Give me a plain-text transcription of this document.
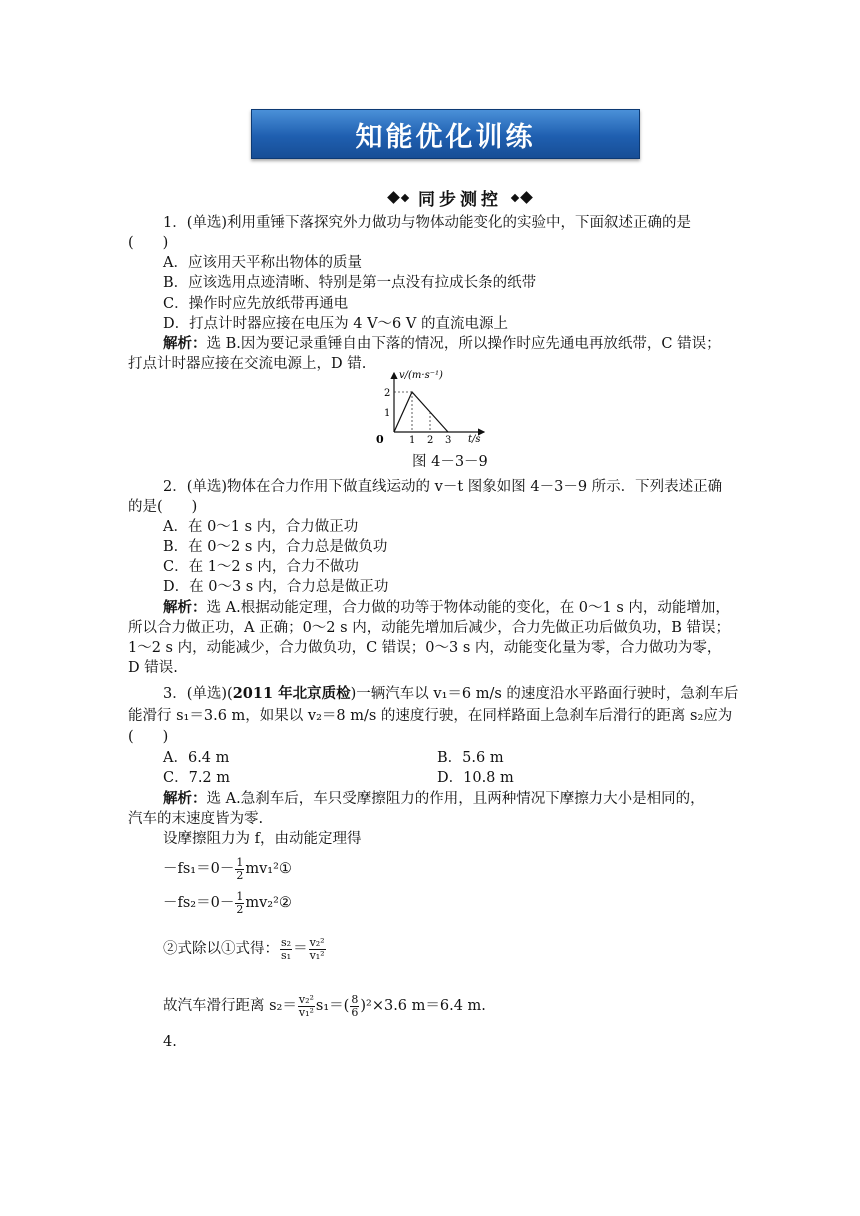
知能优化训练
同步测控
1．(单选)利用重锤下落探究外力做功与物体动能变化的实验中，下面叙述正确的是
(　　)
A．应该用天平称出物体的质量
B．应该选用点迹清晰、特别是第一点没有拉成长条的纸带
C．操作时应先放纸带再通电
D．打点计时器应接在电压为 4 V～6 V 的直流电源上
解析：选 B.因为要记录重锤自由下落的情况，所以操作时应先通电再放纸带，C 错误；
打点计时器应接在交流电源上，D 错.
v/(m·s⁻¹)
t/s
0	1 2 3
1
2
图 4－3－9
2．(单选)物体在合力作用下做直线运动的 v－t 图象如图 4－3－9 所示．下列表述正确
的是(　　)
A．在 0～1 s 内，合力做正功
B．在 0～2 s 内，合力总是做负功
C．在 1～2 s 内，合力不做功
D．在 0～3 s 内，合力总是做正功
解析：选 A.根据动能定理，合力做的功等于物体动能的变化，在 0～1 s 内，动能增加，
所以合力做正功，A 正确；0～2 s 内，动能先增加后减少，合力先做正功后做负功，B 错误；
1～2 s 内，动能减少，合力做负功，C 错误；0～3 s 内，动能变化量为零，合力做功为零，
D 错误.
3．(单选)(2011 年北京质检)一辆汽车以 v₁＝6 m/s 的速度沿水平路面行驶时，急刹车后
能滑行 s₁＝3.6 m，如果以 v₂＝8 m/s 的速度行驶，在同样路面上急刹车后滑行的距离 s₂应为
(　　)
A．6.4 m	B．5.6 m
C．7.2 m	D．10.8 m
解析：选 A.急刹车后，车只受摩擦阻力的作用，且两种情况下摩擦力大小是相同的，
汽车的末速度皆为零.
设摩擦阻力为 f，由动能定理得
$-fs_1=0- \frac{1}{2}$ mv₁²①
$-fs_2=0- \frac{1}{2}$ mv₂²②
②式除以①式得： $\frac{\text{s₂}}{\text{s₁}} = \frac{\text{v₂²}}{\text{v₁²}}$
故汽车滑行距离 $s_2= \frac{\text{v₂²}}{\text{v₁²}} s_1=( \frac{8}{6} )^2\times 3.6$ m＝6.4 m.
4.
